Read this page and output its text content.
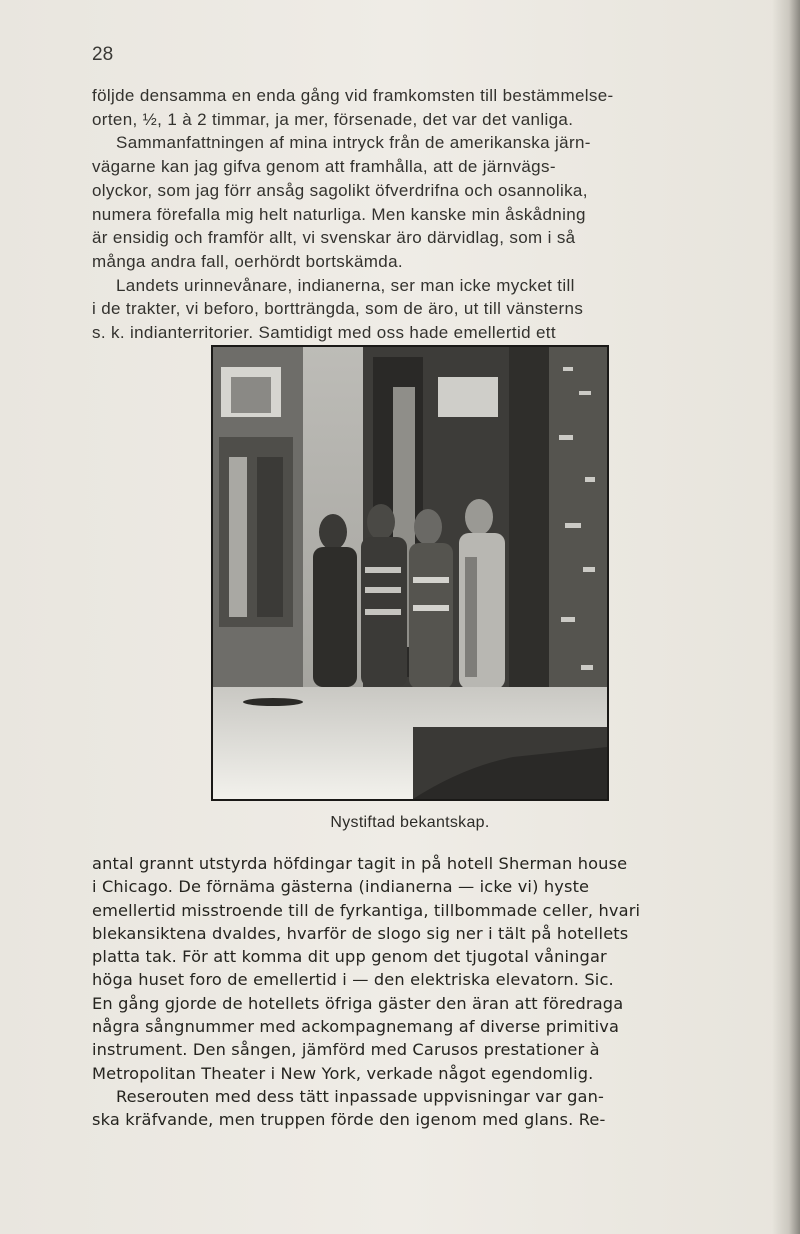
28

följde densamma en enda gång vid framkomsten till bestämmelse-
orten, ½, 1 à 2 timmar, ja mer, försenade, det var det vanliga.
Sammanfattningen af mina intryck från de amerikanska järn-
vägarne kan jag gifva genom att framhålla, att de järnvägs-
olyckor, som jag förr ansåg sagolikt öfverdrifna och osannolika,
numera förefalla mig helt naturliga. Men kanske min åskådning
är ensidig och framför allt, vi svenskar äro därvidlag, som i så
många andra fall, oerhördt bortskämda.
Landets urinnevånare, indianerna, ser man icke mycket till
i de trakter, vi beforo, bortträngda, som de äro, ut till vänsterns
s. k. indianterritorier. Samtidigt med oss hade emellertid ett

Nystiftad bekantskap.

antal grannt utstyrda höfdingar tagit in på hotell Sherman house
i Chicago. De förnäma gästerna (indianerna — icke vi) hyste
emellertid misstroende till de fyrkantiga, tillbommade celler, hvari
blekansiktena dvaldes, hvarför de slogo sig ner i tält på hotellets
platta tak. För att komma dit upp genom det tjugotal våningar
höga huset foro de emellertid i — den elektriska elevatorn. Sic.
En gång gjorde de hotellets öfriga gäster den äran att föredraga
några sångnummer med ackompagnemang af diverse primitiva
instrument. Den sången, jämförd med Carusos prestationer à
Metropolitan Theater i New York, verkade något egendomlig.
Reserouten med dess tätt inpassade uppvisningar var gan-
ska kräfvande, men truppen förde den igenom med glans. Re-
